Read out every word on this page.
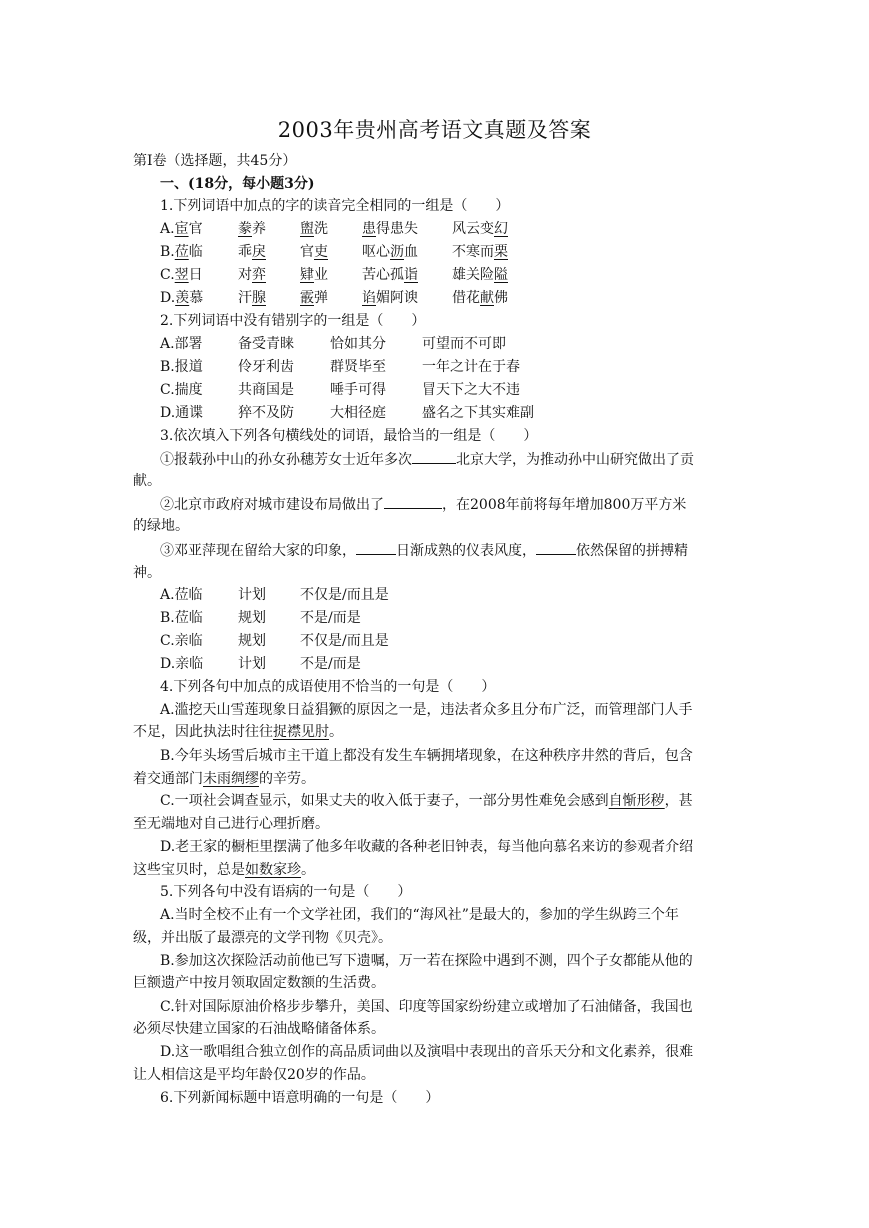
2003年贵州高考语文真题及答案
第Ⅰ卷（选择题，共45分）
一、(18分，每小题3分)
1.下列词语中加点的字的读音完全相同的一组是（　　）
A.宦官	豢养 盥洗 患得患失 风云变幻
B.莅临	乖戾 官吏 呕心沥血 不寒而栗
C.翌日	对弈 肄业 苦心孤诣 雄关险隘
D.羡慕 汗腺 霰弹 谄媚阿谀 借花献佛
2.下列词语中没有错别字的一组是（　　）
A.部署	备受青睐	恰如其分	可望而不可即
B.报道	伶牙利齿	群贤毕至	一年之计在于春
C.揣度	共商国是	唾手可得	冒天下之大不违
D.通谍 猝不及防	大相径庭	盛名之下其实难副
3.依次填入下列各句横线处的词语，最恰当的一组是（　　）
①报载孙中山的孙女孙穗芳女士近年多次	北京大学，为推动孙中山研究做出了贡
献。
②北京市政府对城市建设布局做出了	，在2008年前将每年增加800万平方米
的绿地。
③邓亚萍现在留给大家的印象，	日渐成熟的仪表风度，	依然保留的拼搏精
神。
A.莅临	计划 不仅是/而且是
B.莅临	规划 不是/而是
C.亲临	规划 不仅是/而且是
D.亲临 计划 不是/而是
4.下列各句中加点的成语使用不恰当的一句是（　　）
A.滥挖天山雪莲现象日益猖獗的原因之一是，违法者众多且分布广泛，而管理部门人手
不足，因此执法时往往捉襟见肘。
B.今年头场雪后城市主干道上都没有发生车辆拥堵现象，在这种秩序井然的背后，包含
着交通部门未雨绸缪的辛劳。
C.一项社会调查显示，如果丈夫的收入低于妻子，一部分男性难免会感到自惭形秽，甚
至无端地对自己进行心理折磨。
D.老王家的橱柜里摆满了他多年收藏的各种老旧钟表，每当他向慕名来访的参观者介绍
这些宝贝时，总是如数家珍。
5.下列各句中没有语病的一句是（　　）
A.当时全校不止有一个文学社团，我们的“海风社”是最大的，参加的学生纵跨三个年
级，并出版了最漂亮的文学刊物《贝壳》。
B.参加这次探险活动前他已写下遗嘱，万一若在探险中遇到不测，四个子女都能从他的
巨额遗产中按月领取固定数额的生活费。
C.针对国际原油价格步步攀升，美国、印度等国家纷纷建立或增加了石油储备，我国也
必须尽快建立国家的石油战略储备体系。
D.这一歌唱组合独立创作的高品质词曲以及演唱中表现出的音乐天分和文化素养，很难
让人相信这是平均年龄仅20岁的作品。
6.下列新闻标题中语意明确的一句是（　　）
